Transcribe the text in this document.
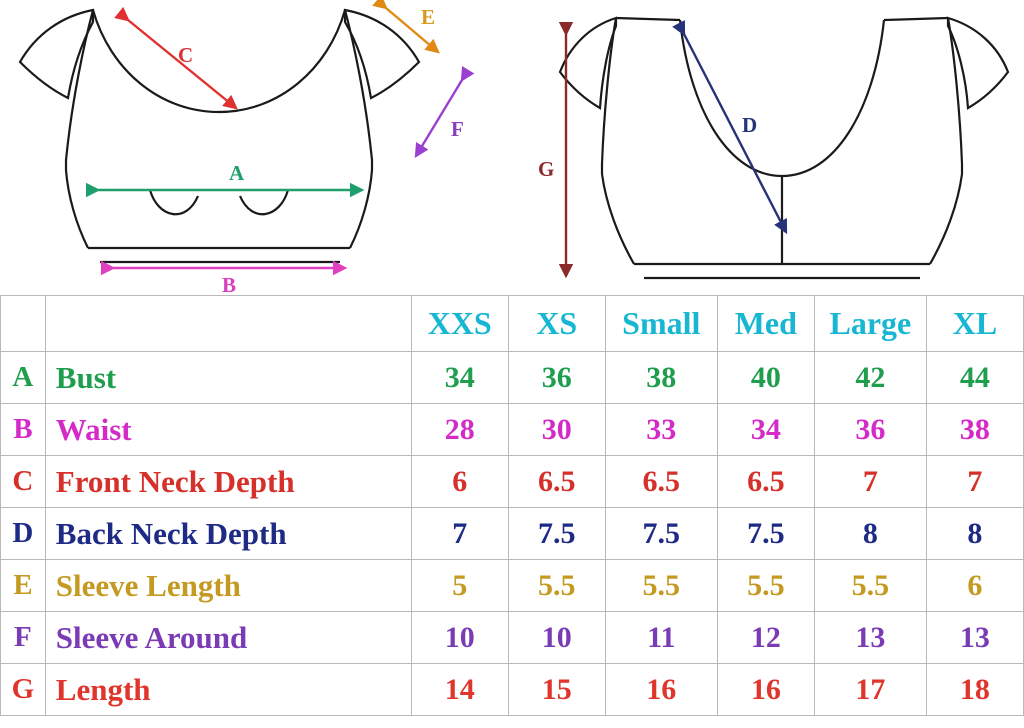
C
E
F
A
B
G
D
		XXS	XS	Small	Med	Large	XL
A	Bust	34	36	38	40	42	44
B	Waist	28	30	33	34	36	38
C	Front Neck Depth	6	6.5	6.5	6.5	7	7
D	Back Neck Depth	7	7.5	7.5	7.5	8	8
E	Sleeve Length	5	5.5	5.5	5.5	5.5	6
F	Sleeve Around	10	10	11	12	13	13
G	Length	14	15	16	16	17	18
